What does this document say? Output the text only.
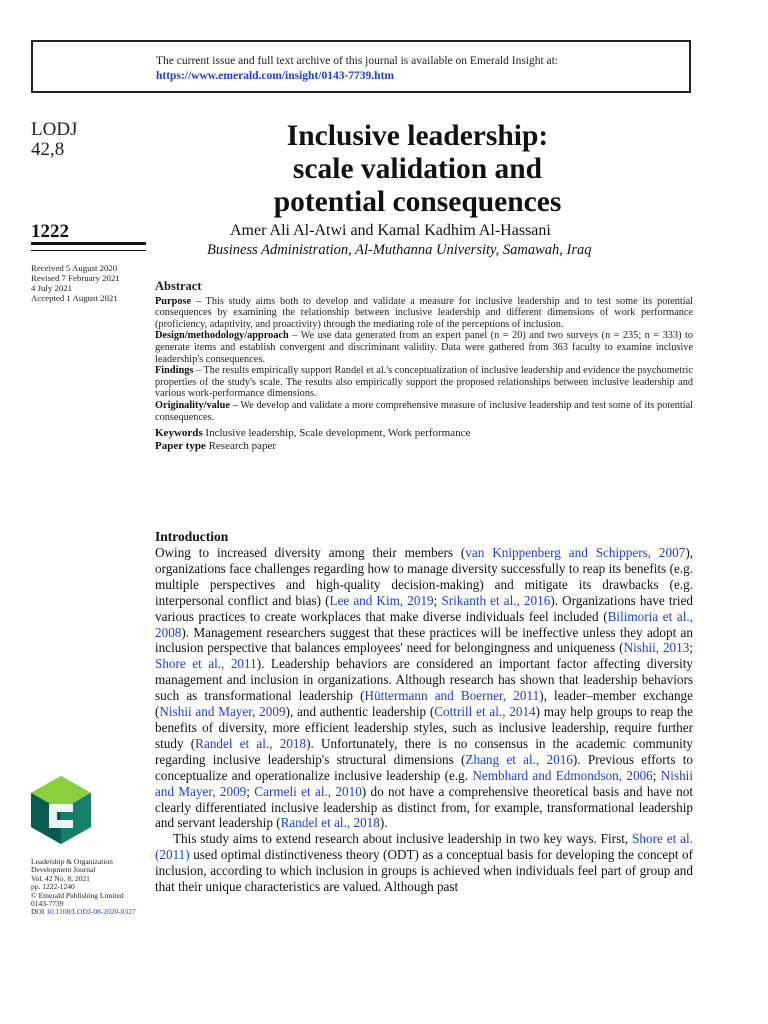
The current issue and full text archive of this journal is available on Emerald Insight at:
https://www.emerald.com/insight/0143-7739.htm
LODJ
42,8
1222
Received 5 August 2020
Revised 7 February 2021
4 July 2021
Accepted 1 August 2021
Inclusive leadership:
scale validation and
potential consequences
Amer Ali Al-Atwi and Kamal Kadhim Al-Hassani
Business Administration, Al-Muthanna University, Samawah, Iraq
Abstract

Purpose – This study aims both to develop and validate a measure for inclusive leadership and to test some its potential consequences by examining the relationship between inclusive leadership and different dimensions of work performance (proficiency, adaptivity, and proactivity) through the mediating role of the perceptions of inclusion.

Design/methodology/approach – We use data generated from an expert panel (n = 20) and two surveys (n = 235; n = 333) to generate items and establish convergent and discriminant validity. Data were gathered from 363 faculty to examine inclusive leadership's consequences.

Findings – The results empirically support Randel et al.'s conceptualization of inclusive leadership and evidence the psychometric properties of the study's scale. The results also empirically support the proposed relationships between inclusive leadership and various work-performance dimensions.

Originality/value – We develop and validate a more comprehensive measure of inclusive leadership and test some of its potential consequences.

Keywords Inclusive leadership, Scale development, Work performance

Paper type Research paper

Introduction

Owing to increased diversity among their members (van Knippenberg and Schippers, 2007), organizations face challenges regarding how to manage diversity successfully to reap its benefits (e.g. multiple perspectives and high-quality decision-making) and mitigate its drawbacks (e.g. interpersonal conflict and bias) (Lee and Kim, 2019; Srikanth et al., 2016). Organizations have tried various practices to create workplaces that make diverse individuals feel included (Bilimoria et al., 2008). Management researchers suggest that these practices will be ineffective unless they adopt an inclusion perspective that balances employees' need for belongingness and uniqueness (Nishii, 2013; Shore et al., 2011). Leadership behaviors are considered an important factor affecting diversity management and inclusion in organizations. Although research has shown that leadership behaviors such as transformational leadership (Hüttermann and Boerner, 2011), leader–member exchange (Nishii and Mayer, 2009), and authentic leadership (Cottrill et al., 2014) may help groups to reap the benefits of diversity, more efficient leadership styles, such as inclusive leadership, require further study (Randel et al., 2018). Unfortunately, there is no consensus in the academic community regarding inclusive leadership's structural dimensions (Zhang et al., 2016). Previous efforts to conceptualize and operationalize inclusive leadership (e.g. Nembhard and Edmondson, 2006; Nishii and Mayer, 2009; Carmeli et al., 2010) do not have a comprehensive theoretical basis and have not clearly differentiated inclusive leadership as distinct from, for example, transformational leadership and servant leadership (Randel et al., 2018).

This study aims to extend research about inclusive leadership in two key ways. First, Shore et al. (2011) used optimal distinctiveness theory (ODT) as a conceptual basis for developing the concept of inclusion, according to which inclusion in groups is achieved when individuals feel part of group and that their unique characteristics are valued. Although past

Leadership & Organization
Development Journal
Vol. 42 No. 8, 2021
pp. 1222-1240
© Emerald Publishing Limited
0143-7739
DOI 10.1108/LODJ-08-2020-0327
